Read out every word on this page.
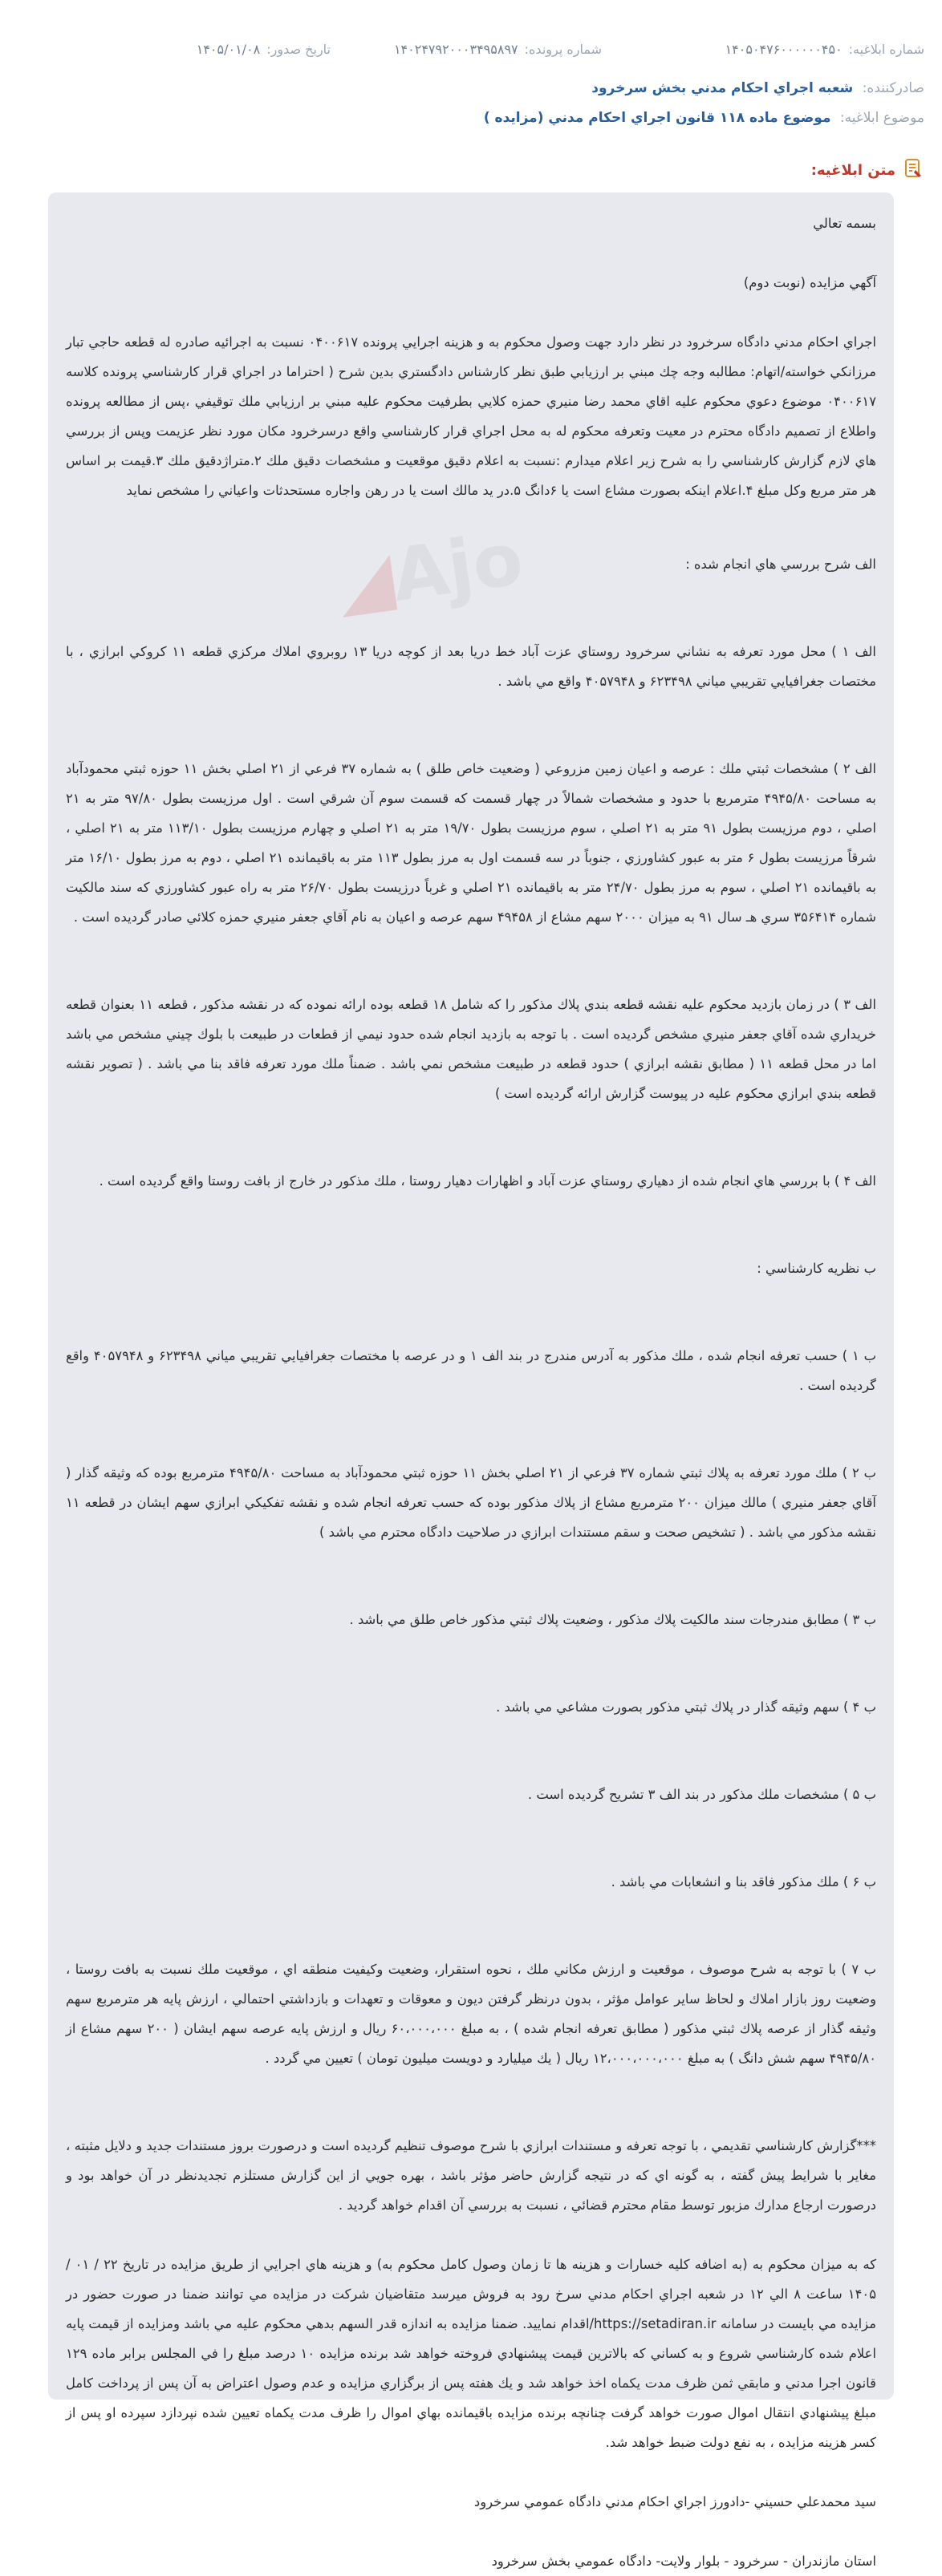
شماره ابلاغيه:
۱۴۰۵۰۴۷۶۰۰۰۰۰۰۴۵۰
شماره پرونده:
۱۴۰۲۴۷۹۲۰۰۰۳۴۹۵۸۹۷
تاريخ صدور:
۱۴۰۵/۰۱/۰۸
صادرکننده: شعبه اجراي احكام مدني بخش سرخرود
موضوع ابلاغيه: موضوع ماده ۱۱۸ قانون اجراي احكام مدني (مزايده )
متن ابلاغيه:
◢Ajo

بسمه تعالي

آگهي مزايده (نوبت دوم)

اجراي احكام مدني دادگاه سرخرود در نظر دارد جهت وصول محكوم به و هزينه اجرايي پرونده ۰۴۰۰۶۱۷ نسبت به اجرائيه صادره له قطعه حاجي تبار مرزانكي خواسته/اتهام: مطالبه وجه چك مبني بر ارزيابي طبق نظر كارشناس دادگستري بدين شرح ( احتراما در اجراي قرار كارشناسي پرونده كلاسه ۰۴۰۰۶۱۷ موضوع دعوي محكوم عليه اقاي محمد رضا منيري حمزه كلايي بطرفيت محكوم عليه مبني بر ارزيابي ملك توقيفي ،پس از مطالعه پرونده واطلاع از تصميم دادگاه محترم در معيت وتعرفه محكوم له به محل اجراي قرار كارشناسي واقع درسرخرود مكان مورد نظر عزيمت وپس از بررسي هاي لازم گزارش كارشناسي را به شرح زير اعلام ميدارم :نسبت به اعلام دقيق موقعيت و مشخصات دقيق ملك ۲.متراژدقيق ملك ۳.قيمت بر اساس هر متر مربع وكل مبلغ ۴.اعلام اينكه بصورت مشاع است يا ۶دانگ ۵.در يد مالك است يا در رهن واجاره مستحدثات واعياني را مشخص نمايد

الف شرح بررسي هاي انجام شده :

الف ۱ ) محل مورد تعرفه به نشاني سرخرود روستاي عزت آباد خط دريا بعد از كوچه دريا ۱۳ روبروي املاك مركزي قطعه ۱۱ كروكي ابرازي ، با مختصات جغرافيايي تقريبي مياني ۶۲۳۴۹۸ و ۴۰۵۷۹۴۸ واقع مي باشد .

الف ۲ ) مشخصات ثبتي ملك : عرصه و اعيان زمين مزروعي ( وضعيت خاص طلق ) به شماره ۳۷ فرعي از ۲۱ اصلي بخش ۱۱ حوزه ثبتي محمودآباد به مساحت ۴۹۴۵/۸۰ مترمربع با حدود و مشخصات شمالاً در چهار قسمت كه قسمت سوم آن شرقي است . اول مرزيست بطول ۹۷/۸۰ متر به ۲۱ اصلي ، دوم مرزيست بطول ۹۱ متر به ۲۱ اصلي ، سوم مرزيست بطول ۱۹/۷۰ متر به ۲۱ اصلي و چهارم مرزيست بطول ۱۱۳/۱۰ متر به ۲۱ اصلي ، شرقاً مرزيست بطول ۶ متر به عبور كشاورزي ، جنوباً در سه قسمت اول به مرز بطول ۱۱۳ متر به باقيمانده ۲۱ اصلي ، دوم به مرز بطول ۱۶/۱۰ متر به باقيمانده ۲۱ اصلي ، سوم به مرز بطول ۲۴/۷۰ متر به باقيمانده ۲۱ اصلي و غرباً درزيست بطول ۲۶/۷۰ متر به راه عبور كشاورزي كه سند مالكيت شماره ۳۵۶۴۱۴ سري هـ سال ۹۱ به ميزان ۲۰۰۰ سهم مشاع از ۴۹۴۵۸ سهم عرصه و اعيان به نام آقاي جعفر منيري حمزه كلائي صادر گرديده است .

الف ۳ ) در زمان بازديد محكوم عليه نقشه قطعه بندي پلاك مذكور را كه شامل ۱۸ قطعه بوده ارائه نموده كه در نقشه مذكور ، قطعه ۱۱ بعنوان قطعه خريداري شده آقاي جعفر منيري مشخص گرديده است . با توجه به بازديد انجام شده حدود نيمي از قطعات در طبيعت با بلوك چيني مشخص مي باشد اما در محل قطعه ۱۱ ( مطابق نقشه ابرازي ) حدود قطعه در طبيعت مشخص نمي باشد . ضمناً ملك مورد تعرفه فاقد بنا مي باشد . ( تصوير نقشه قطعه بندي ابرازي محكوم عليه در پيوست گزارش ارائه گرديده است )

الف ۴ ) با بررسي هاي انجام شده از دهياري روستاي عزت آباد و اظهارات دهيار روستا ، ملك مذكور در خارج از بافت روستا واقع گرديده است .

ب نظريه كارشناسي :

ب ۱ ) حسب تعرفه انجام شده ، ملك مذكور به آدرس مندرج در بند الف ۱ و در عرصه با مختصات جغرافيايي تقريبي مياني ۶۲۳۴۹۸ و ۴۰۵۷۹۴۸ واقع گرديده است .

ب ۲ ) ملك مورد تعرفه به پلاك ثبتي شماره ۳۷ فرعي از ۲۱ اصلي بخش ۱۱ حوزه ثبتي محمودآباد به مساحت ۴۹۴۵/۸۰ مترمربع بوده كه وثيقه گذار ( آقاي جعفر منيري ) مالك ميزان ۲۰۰ مترمربع مشاع از پلاك مذكور بوده كه حسب تعرفه انجام شده و نقشه تفكيكي ابرازي سهم ايشان در قطعه ۱۱ نقشه مذكور مي باشد . ( تشخيص صحت و سقم مستندات ابرازي در صلاحيت دادگاه محترم مي باشد )

ب ۳ ) مطابق مندرجات سند مالكيت پلاك مذكور ، وضعيت پلاك ثبتي مذكور خاص طلق مي باشد .

ب ۴ ) سهم وثيقه گذار در پلاك ثبتي مذكور بصورت مشاعي مي باشد .

ب ۵ ) مشخصات ملك مذكور در بند الف ۳ تشريح گرديده است .

ب ۶ ) ملك مذكور فاقد بنا و انشعابات مي باشد .

ب ۷ ) با توجه به شرح موصوف ، موقعيت و ارزش مكاني ملك ، نحوه استقرار، وضعيت وكيفيت منطقه اي ، موقعيت ملك نسبت به بافت روستا ، وضعيت روز بازار املاك و لحاظ ساير عوامل مؤثر ، بدون درنظر گرفتن ديون و معوقات و تعهدات و بازداشتي احتمالي ، ارزش پايه هر مترمربع سهم وثيقه گذار از عرصه پلاك ثبتي مذكور ( مطابق تعرفه انجام شده ) ، به مبلغ ۶۰،۰۰۰،۰۰۰ ريال و ارزش پايه عرصه سهم ايشان ( ۲۰۰ سهم مشاع از ۴۹۴۵/۸۰ سهم شش دانگ ) به مبلغ ۱۲،۰۰۰،۰۰۰،۰۰۰ ريال ( يك ميليارد و دويست ميليون تومان ) تعيين مي گردد .

***گزارش كارشناسي تقديمي ، با توجه تعرفه و مستندات ابرازي با شرح موصوف تنظيم گرديده است و درصورت بروز مستندات جديد و دلايل مثبته ، مغاير با شرايط پيش گفته ، به گونه اي كه در نتيجه گزارش حاضر مؤثر باشد ، بهره جويي از اين گزارش مستلزم تجديدنظر در آن خواهد بود و درصورت ارجاع مدارك مزبور توسط مقام محترم قضائي ، نسبت به بررسي آن اقدام خواهد گرديد .

كه به ميزان محكوم به (به اضافه كليه خسارات و هزينه ها تا زمان وصول كامل محكوم به) و هزينه هاي اجرايي از طريق مزايده در تاريخ ۲۲ / ۰۱ / ۱۴۰۵ ساعت ۸ الي ۱۲ در شعبه اجراي احكام مدني سرخ رود به فروش ميرسد متقاضيان شركت در مزايده مي توانند ضمنا در صورت حضور در مزايده مي بايست در سامانه https://setadiran.ir/اقدام نماييد. ضمنا مزايده به اندازه قدر السهم بدهي محكوم عليه مي باشد ومزايده از قيمت پايه اعلام شده كارشناسي شروع و به كساني كه بالاترين قيمت پيشنهادي فروخته خواهد شد برنده مزايده ۱۰ درصد مبلغ را في المجلس برابر ماده ۱۲۹ قانون اجرا مدني و مابقي ثمن ظرف مدت يكماه اخذ خواهد شد و يك هفته پس از برگزاري مزايده و عدم وصول اعتراض به آن پس از پرداخت كامل مبلغ پيشنهادي انتقال اموال صورت خواهد گرفت چنانچه برنده مزايده باقيمانده بهاي اموال را ظرف مدت يكماه تعيين شده نپردازد سپرده او پس از كسر هزينه مزايده ، به نفع دولت ضبط خواهد شد.

سيد محمدعلي حسيني -دادورز اجراي احكام مدني دادگاه عمومي سرخرود

استان مازندران - سرخرود - بلوار ولايت- دادگاه عمومي بخش سرخرود
